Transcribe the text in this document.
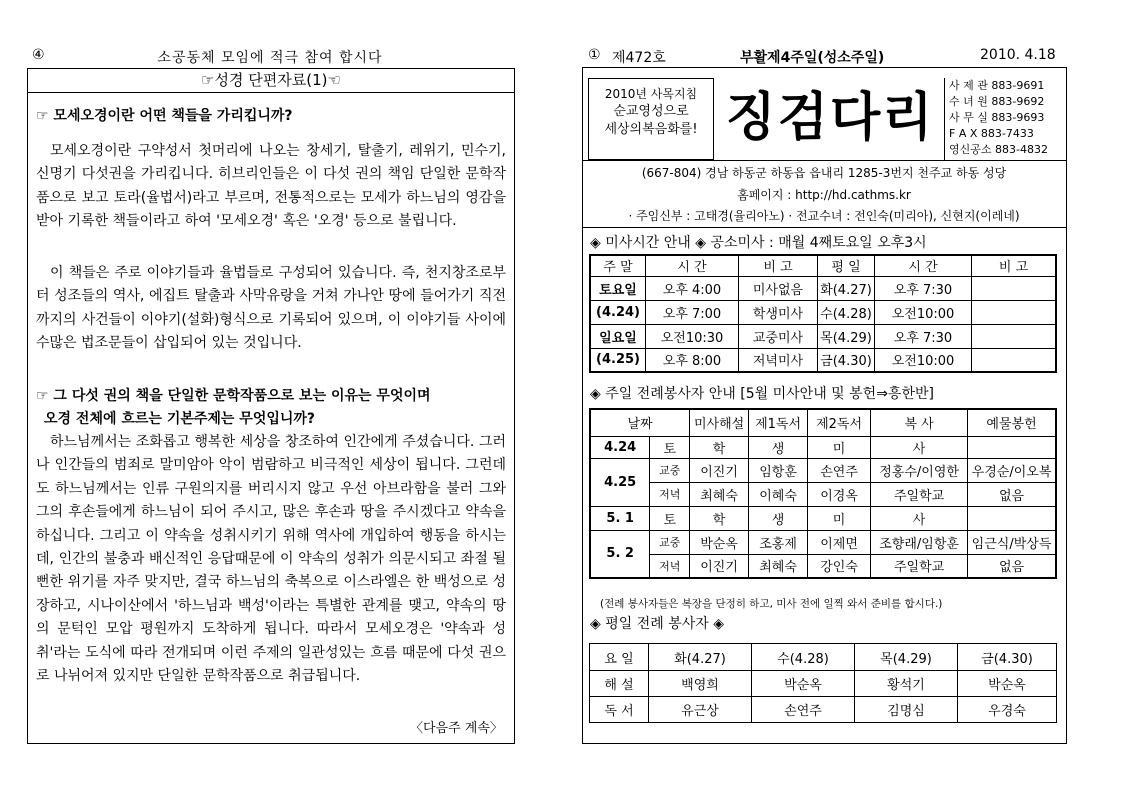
④	소공동체 모임에 적극 참여 합시다
☞성경 단편자료(1)☜
☞ 모세오경이란 어떤 책들을 가리킵니까?
모세오경이란 구약성서 첫머리에 나오는 창세기, 탈출기, 레위기, 민수기, 신명기 다섯권을 가리킵니다. 히브리인들은 이 다섯 권의 책임 단일한 문학작품으로 보고 토라(율법서)라고 부르며, 전통적으로는 모세가 하느님의 영감을 받아 기록한 책들이라고 하여 '모세오경' 혹은 '오경' 등으로 불립니다.
이 책들은 주로 이야기들과 율법들로 구성되어 있습니다. 즉, 천지창조로부터 성조들의 역사, 에집트 탈출과 사막유랑을 거쳐 가나안 땅에 들어가기 직전까지의 사건들이 이야기(설화)형식으로 기록되어 있으며, 이 이야기들 사이에 수많은 법조문들이 삽입되어 있는 것입니다.
☞ 그 다섯 권의 책을 단일한 문학작품으로 보는 이유는 무엇이며
오경 전체에 흐르는 기본주제는 무엇입니까?
하느님께서는 조화롭고 행복한 세상을 창조하여 인간에게 주셨습니다. 그러나 인간들의 범죄로 말미암아 악이 범람하고 비극적인 세상이 됩니다. 그런데도 하느님께서는 인류 구원의지를 버리시지 않고 우선 아브라함을 불러 그와 그의 후손들에게 하느님이 되어 주시고, 많은 후손과 땅을 주시겠다고 약속을 하십니다. 그리고 이 약속을 성취시키기 위해 역사에 개입하여 행동을 하시는데, 인간의 불충과 배신적인 응답때문에 이 약속의 성취가 의문시되고 좌절 될 뻔한 위기를 자주 맞지만, 결국 하느님의 축복으로 이스라엘은 한 백성으로 성장하고, 시나이산에서 '하느님과 백성'이라는 특별한 관계를 맺고, 약속의 땅의 문턱인 모압 평원까지 도착하게 됩니다. 따라서 모세오경은 '약속과 성취'라는 도식에 따라 전개되며 이런 주제의 일관성있는 흐름 때문에 다섯 권으로 나뉘어져 있지만 단일한 문학작품으로 취급됩니다.
〈다음주 계속〉
① 제472호	부활제4주일(성소주일)	2010. 4.18
2010년 사목지침
순교영성으로
세상의복음화를! 징검다리
사 제 관 883-9691
수 녀 원 883-9692
사 무 실 883-9693
F A X 883-7433
영신공소 883-4832
(667-804) 경남 하동군 하동읍 읍내리 1285-3번지 천주교 하동 성당
홈페이지 : http://hd.cathms.kr
· 주임신부 : 고태경(율리아노) · 전교수녀 : 전인숙(미리아), 신현지(이레네)
◈ 미사시간 안내 ◈ 공소미사 : 매월 4째토요일 오후3시
주 말	시 간	비 고	평 일	시 간	비 고
토요일	오후 4:00	미사없음	화(4.27)	오후 7:30	
(4.24)	오후 7:00	학생미사	수(4.28)	오전10:00	
일요일	오전10:30	교중미사	목(4.29)	오후 7:30	
(4.25)	오후 8:00	저녁미사	금(4.30)	오전10:00	
◈ 주일 전례봉사자 안내 [5월 미사안내 및 봉헌⇒흥한반]
날짜		미사해설	제1독서	제2독서	복 사	예물봉헌
4.24	토	학	생	미	사	
4.25	교중	이진기	임항훈	손연주	정홍수/이영한	우경순/이오복
	저녁	최혜숙	이혜숙	이경옥	주일학교	없음
5. 1	토	학	생	미	사	
5. 2	교중	박순옥	조홍제	이제면	조향래/임항훈	임근식/박상득
	저녁	이진기	최혜숙	강인숙	주일학교	없음
(전례 봉사자들은 복장을 단정히 하고, 미사 전에 일찍 와서 준비를 합시다.)
◈ 평일 전례 봉사자 ◈
요 일	화(4.27)	수(4.28)	목(4.29)	금(4.30)
해 설	백영희	박순옥	황석기	박순옥
독 서	유근상	손연주	김명심	우경숙
